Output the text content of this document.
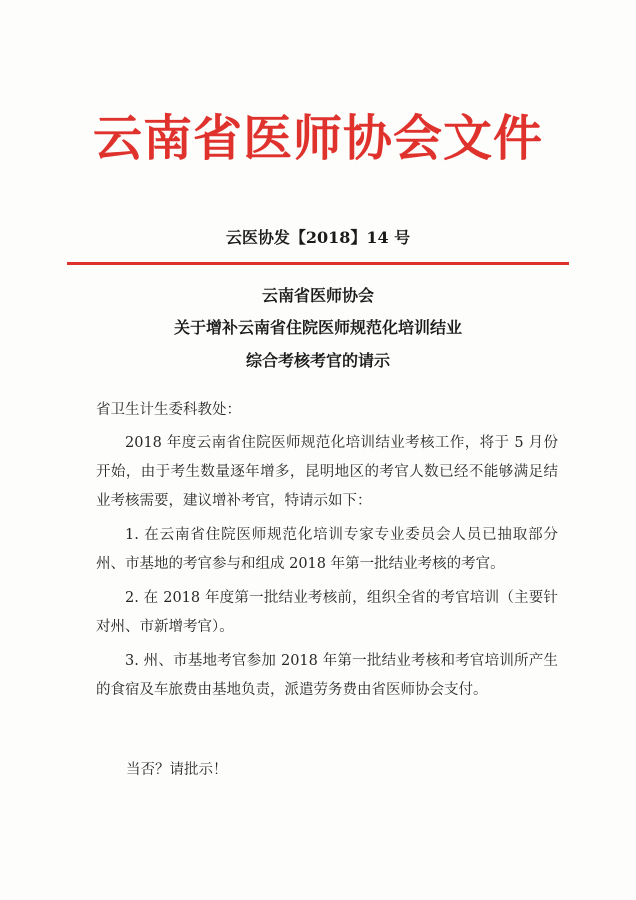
云南省医师协会文件
云医协发【2018】14 号
云南省医师协会
关于增补云南省住院医师规范化培训结业
综合考核考官的请示

省卫生计生委科教处：

2018 年度云南省住院医师规范化培训结业考核工作，将于 5 月份开始，由于考生数量逐年增多，昆明地区的考官人数已经不能够满足结业考核需要，建议增补考官，特请示如下：

1. 在云南省住院医师规范化培训专家专业委员会人员已抽取部分州、市基地的考官参与和组成 2018 年第一批结业考核的考官。

2. 在 2018 年度第一批结业考核前，组织全省的考官培训（主要针对州、市新增考官）。

3. 州、市基地考官参加 2018 年第一批结业考核和考官培训所产生的食宿及车旅费由基地负责，派遣劳务费由省医师协会支付。

当否？请批示！
